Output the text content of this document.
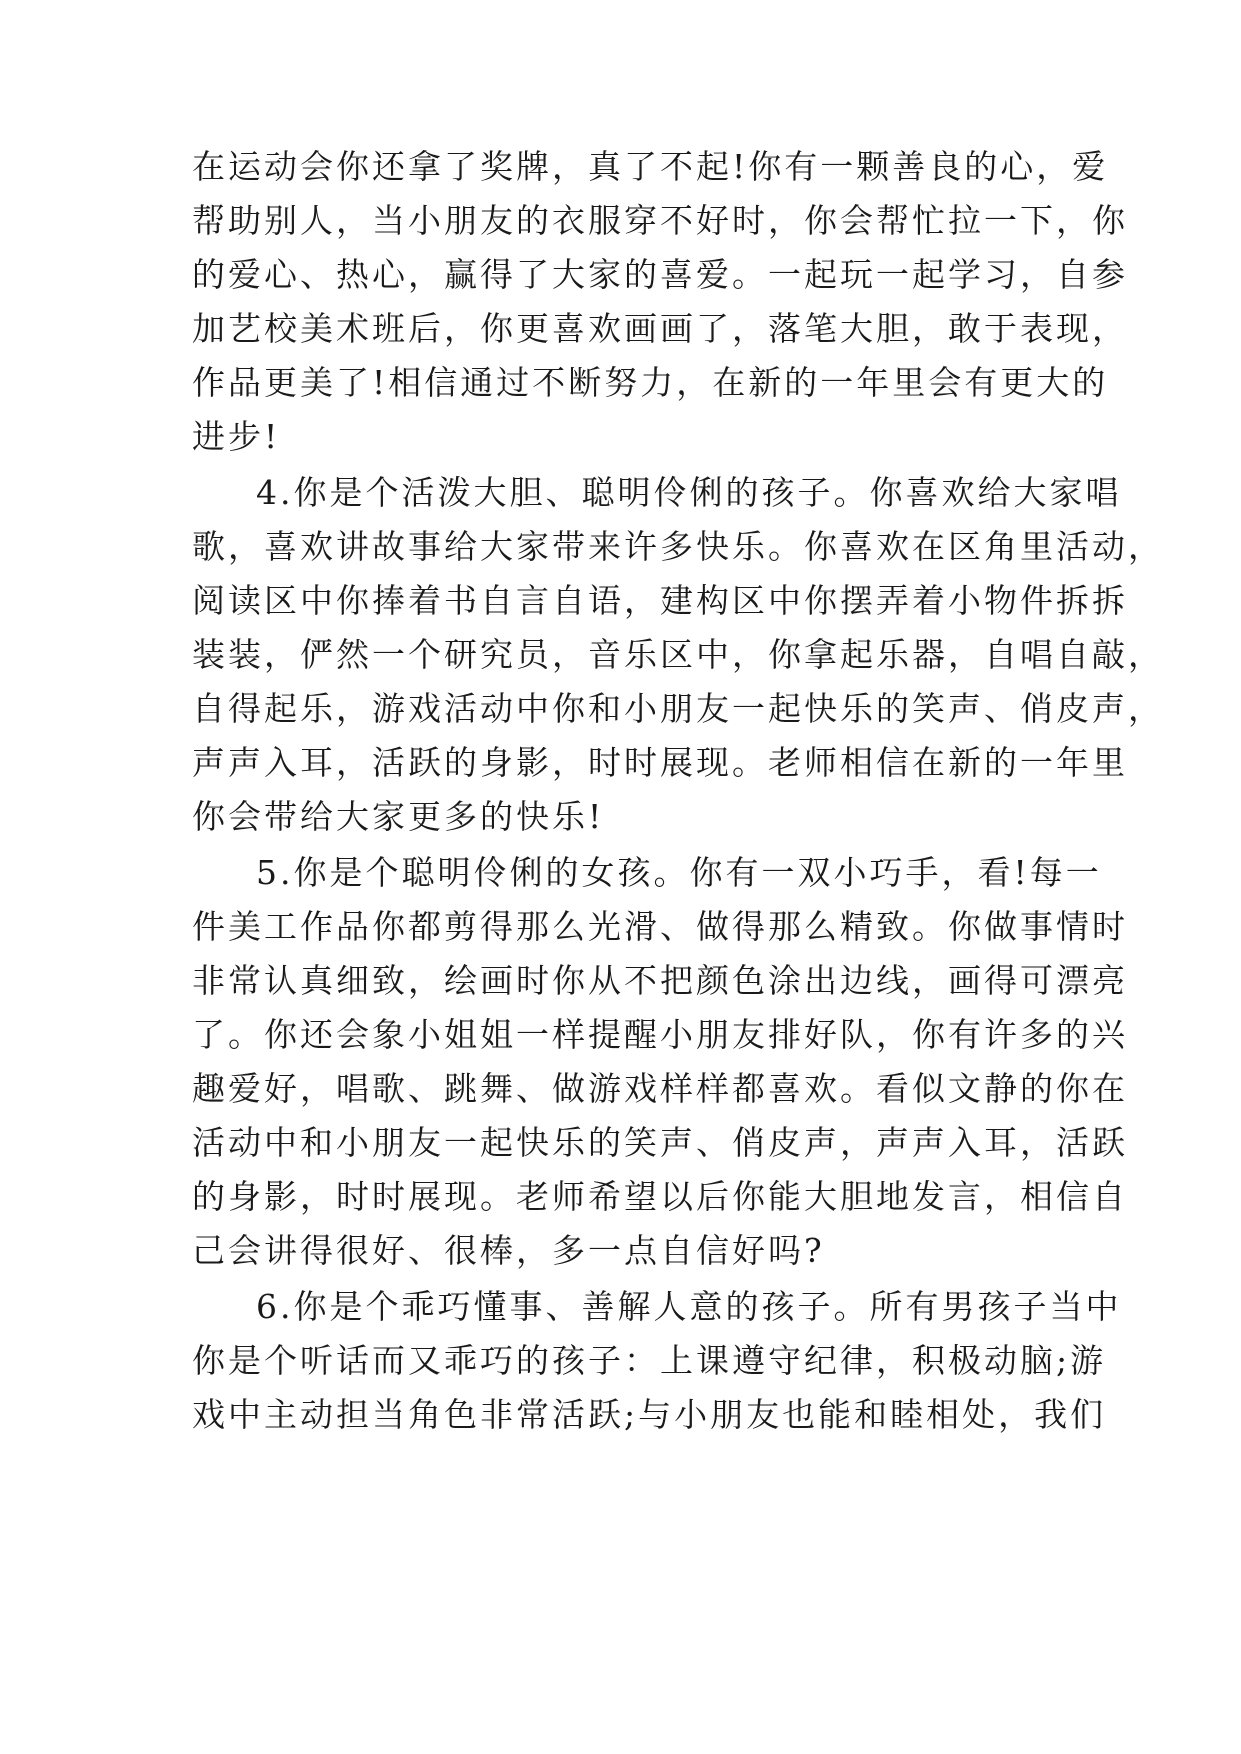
在运动会你还拿了奖牌，真了不起!你有一颗善良的心，爱
帮助别人，当小朋友的衣服穿不好时，你会帮忙拉一下，你
的爱心、热心，赢得了大家的喜爱。一起玩一起学习，自参
加艺校美术班后，你更喜欢画画了，落笔大胆，敢于表现，
作品更美了!相信通过不断努力，在新的一年里会有更大的
进步!
4.你是个活泼大胆、聪明伶俐的孩子。你喜欢给大家唱
歌，喜欢讲故事给大家带来许多快乐。你喜欢在区角里活动，
阅读区中你捧着书自言自语，建构区中你摆弄着小物件拆拆
装装，俨然一个研究员，音乐区中，你拿起乐器，自唱自敲，
自得起乐，游戏活动中你和小朋友一起快乐的笑声、俏皮声，
声声入耳，活跃的身影，时时展现。老师相信在新的一年里
你会带给大家更多的快乐!
5.你是个聪明伶俐的女孩。你有一双小巧手，看!每一
件美工作品你都剪得那么光滑、做得那么精致。你做事情时
非常认真细致，绘画时你从不把颜色涂出边线，画得可漂亮
了。你还会象小姐姐一样提醒小朋友排好队，你有许多的兴
趣爱好，唱歌、跳舞、做游戏样样都喜欢。看似文静的你在
活动中和小朋友一起快乐的笑声、俏皮声，声声入耳，活跃
的身影，时时展现。老师希望以后你能大胆地发言，相信自
己会讲得很好、很棒，多一点自信好吗?
6.你是个乖巧懂事、善解人意的孩子。所有男孩子当中
你是个听话而又乖巧的孩子：上课遵守纪律，积极动脑;游
戏中主动担当角色非常活跃;与小朋友也能和睦相处，我们
